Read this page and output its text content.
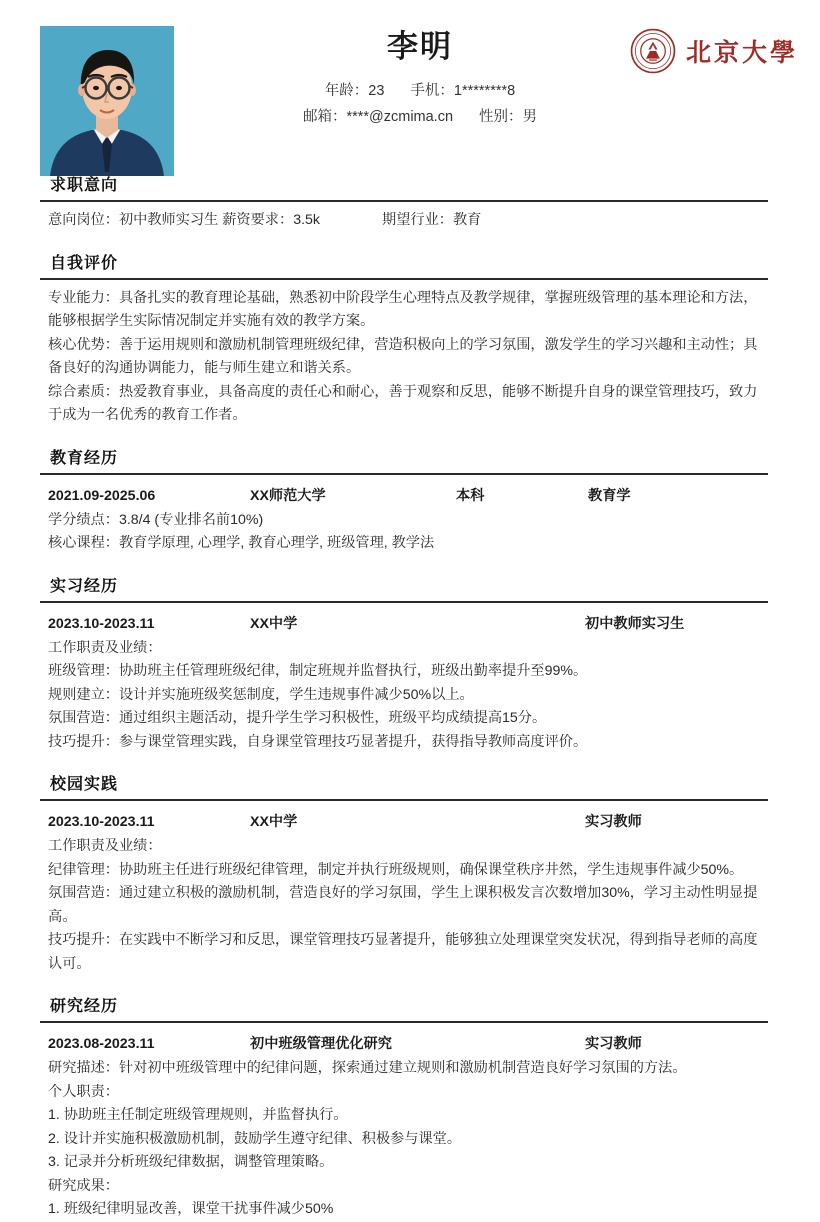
李明
年龄：23 手机：1********8
邮箱：****@zcmima.cn 性别：男
北京大學
求职意向

意向岗位：初中教师实习生 薪资要求：3.5k	期望行业：教育

自我评价

专业能力：具备扎实的教育理论基础，熟悉初中阶段学生心理特点及教学规律，掌握班级管理的基本理论和方法，能够根据学生实际情况制定并实施有效的教学方案。

核心优势：善于运用规则和激励机制管理班级纪律，营造积极向上的学习氛围，激发学生的学习兴趣和主动性；具备良好的沟通协调能力，能与师生建立和谐关系。

综合素质：热爱教育事业，具备高度的责任心和耐心，善于观察和反思，能够不断提升自身的课堂管理技巧，致力于成为一名优秀的教育工作者。

教育经历
2021.09-2025.06	XX师范大学	本科	教育学

学分绩点：3.8/4 (专业排名前10%)

核心课程：教育学原理, 心理学, 教育心理学, 班级管理, 教学法

实习经历
2023.10-2023.11	XX中学	初中教师实习生

工作职责及业绩：

班级管理：协助班主任管理班级纪律，制定班规并监督执行，班级出勤率提升至99%。

规则建立：设计并实施班级奖惩制度，学生违规事件减少50%以上。

氛围营造：通过组织主题活动，提升学生学习积极性，班级平均成绩提高15分。

技巧提升：参与课堂管理实践，自身课堂管理技巧显著提升，获得指导教师高度评价。

校园实践
2023.10-2023.11	XX中学	实习教师

工作职责及业绩：

纪律管理：协助班主任进行班级纪律管理，制定并执行班级规则，确保课堂秩序井然，学生违规事件减少50%。

氛围营造：通过建立积极的激励机制，营造良好的学习氛围，学生上课积极发言次数增加30%，学习主动性明显提高。

技巧提升：在实践中不断学习和反思，课堂管理技巧显著提升，能够独立处理课堂突发状况，得到指导老师的高度认可。

研究经历
2023.08-2023.11	初中班级管理优化研究	实习教师

研究描述：针对初中班级管理中的纪律问题，探索通过建立规则和激励机制营造良好学习氛围的方法。

个人职责：

1. 协助班主任制定班级管理规则，并监督执行。

2. 设计并实施积极激励机制，鼓励学生遵守纪律、积极参与课堂。

3. 记录并分析班级纪律数据，调整管理策略。

研究成果：

1. 班级纪律明显改善，课堂干扰事件减少50%
